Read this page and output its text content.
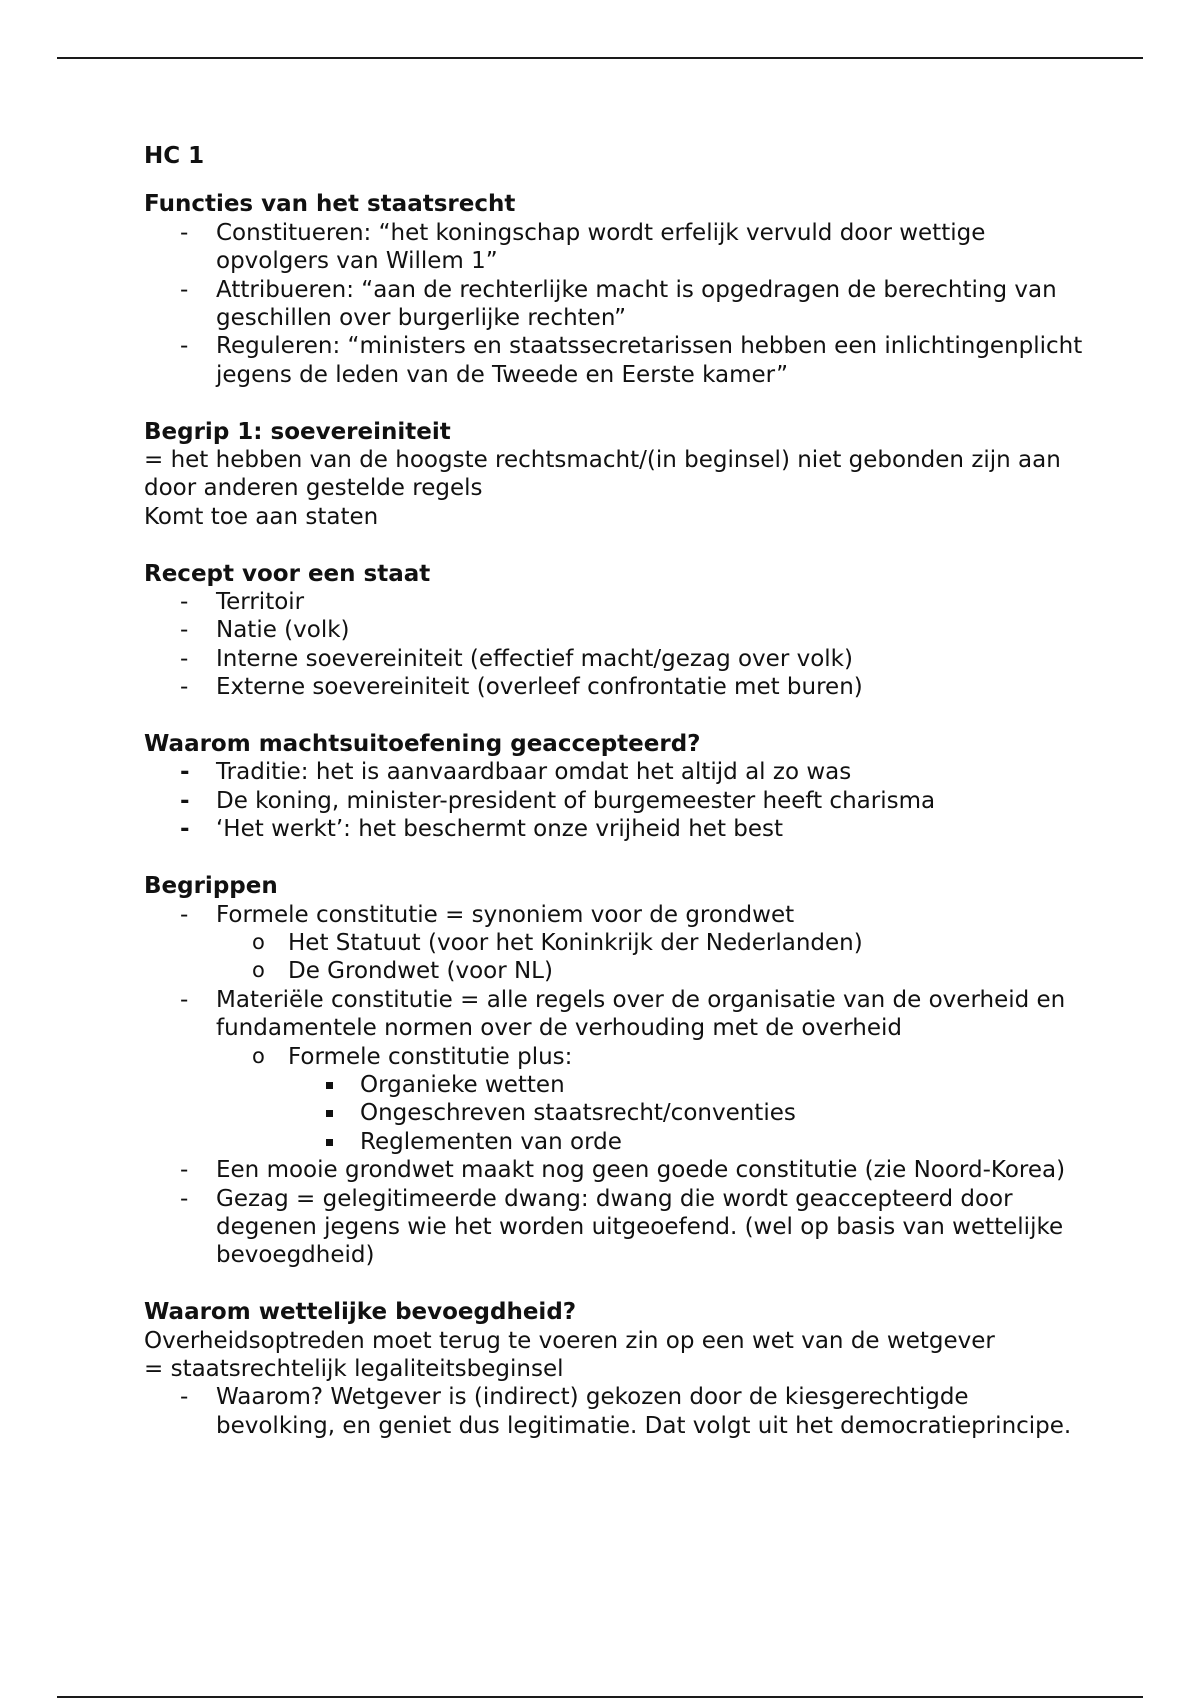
HC 1
Functies van het staatsrecht
- Constitueren: “het koningschap wordt erfelijk vervuld door wettige opvolgers van Willem 1”
- Attribueren: “aan de rechterlijke macht is opgedragen de berechting van geschillen over burgerlijke rechten”
- Reguleren: “ministers en staatssecretarissen hebben een inlichtingenplicht jegens de leden van de Tweede en Eerste kamer”
Begrip 1: soevereiniteit
= het hebben van de hoogste rechtsmacht/(in beginsel) niet gebonden zijn aan door anderen gestelde regels
Komt toe aan staten
Recept voor een staat
- Territoir
- Natie (volk)
- Interne soevereiniteit (effectief macht/gezag over volk)
- Externe soevereiniteit (overleef confrontatie met buren)
Waarom machtsuitoefening geaccepteerd?
- Traditie: het is aanvaardbaar omdat het altijd al zo was
- De koning, minister-president of burgemeester heeft charisma
- ‘Het werkt’: het beschermt onze vrijheid het best
Begrippen
- Formele constitutie = synoniem voor de grondwet
o Het Statuut (voor het Koninkrijk der Nederlanden)
o De Grondwet (voor NL)
- Materiële constitutie = alle regels over de organisatie van de overheid en fundamentele normen over de verhouding met de overheid
o Formele constitutie plus:
Organieke wetten
Ongeschreven staatsrecht/conventies
Reglementen van orde
- Een mooie grondwet maakt nog geen goede constitutie (zie Noord-Korea)
- Gezag = gelegitimeerde dwang: dwang die wordt geaccepteerd door degenen jegens wie het worden uitgeoefend. (wel op basis van wettelijke bevoegdheid)
Waarom wettelijke bevoegdheid?
Overheidsoptreden moet terug te voeren zin op een wet van de wetgever
= staatsrechtelijk legaliteitsbeginsel
- Waarom? Wetgever is (indirect) gekozen door de kiesgerechtigde bevolking, en geniet dus legitimatie. Dat volgt uit het democratieprincipe.
